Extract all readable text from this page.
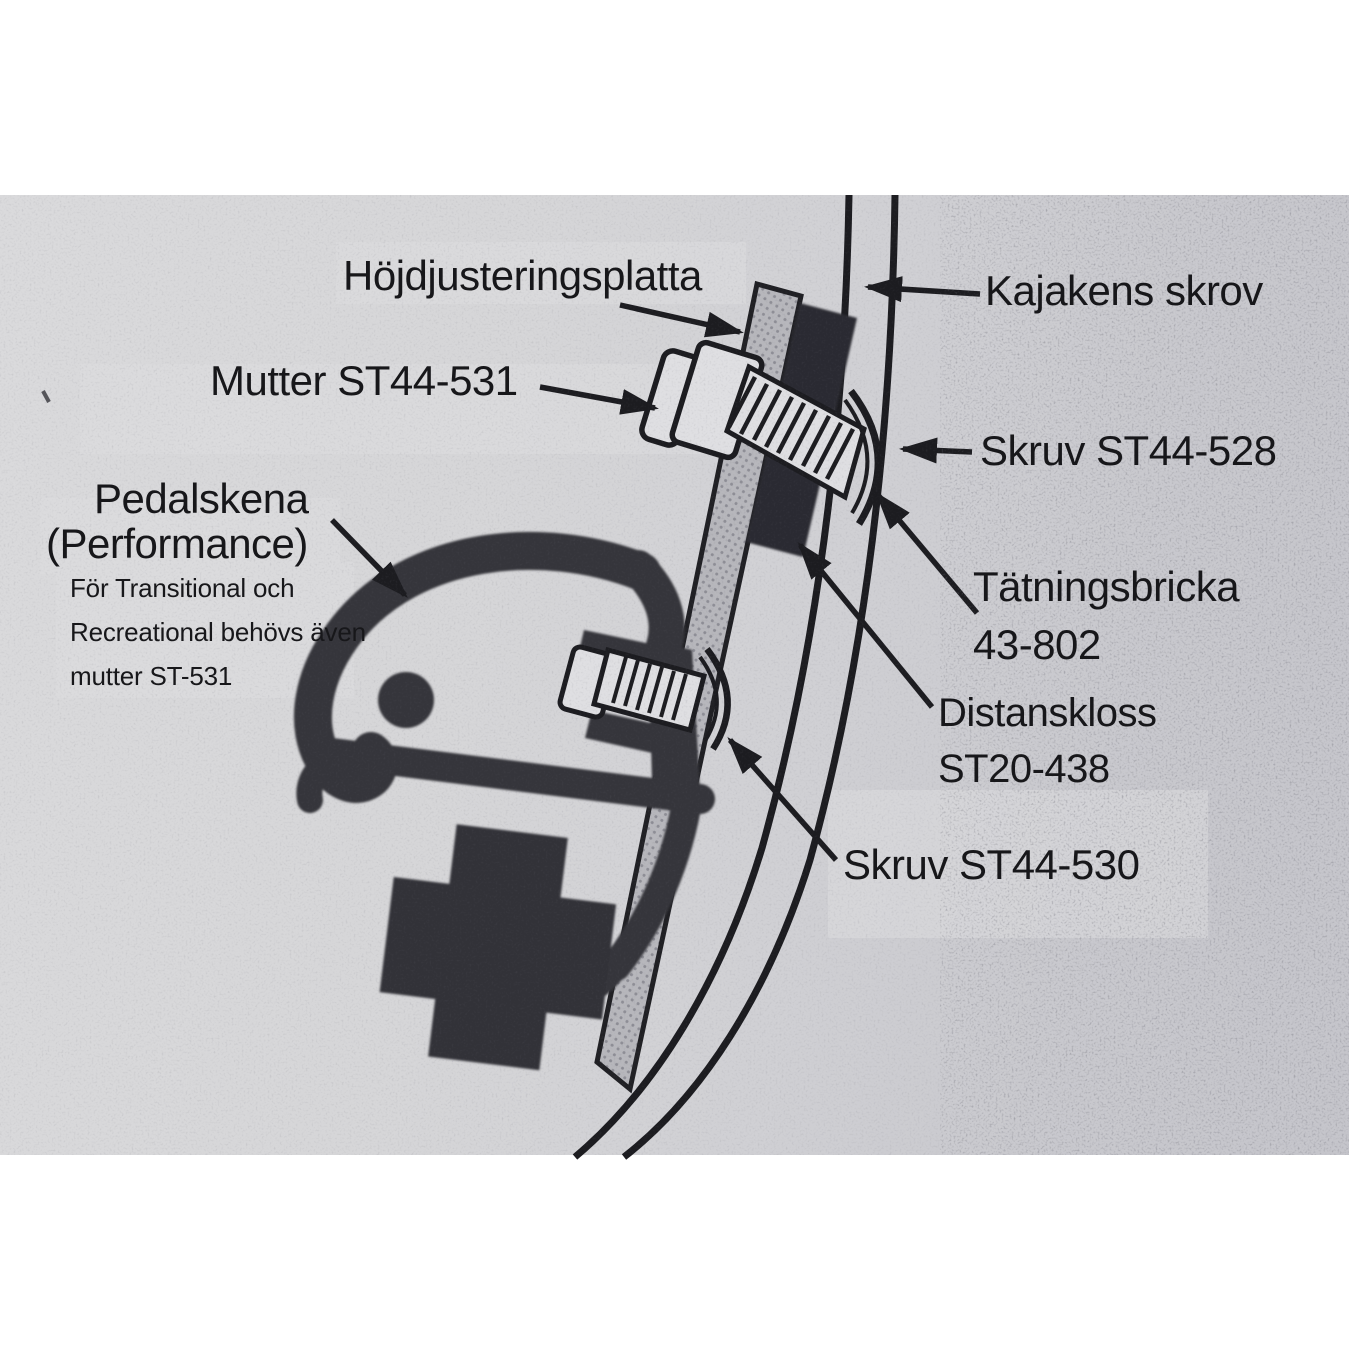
Höjdjusteringsplatta	Kajakens skrov
Mutter ST44-531
Skruv ST44-528
Pedalskena
(Performance)
För Transitional och
Recreational behövs även
mutter ST-531
Tätningsbricka
43-802
Distanskloss
ST20-438
Skruv ST44-530
